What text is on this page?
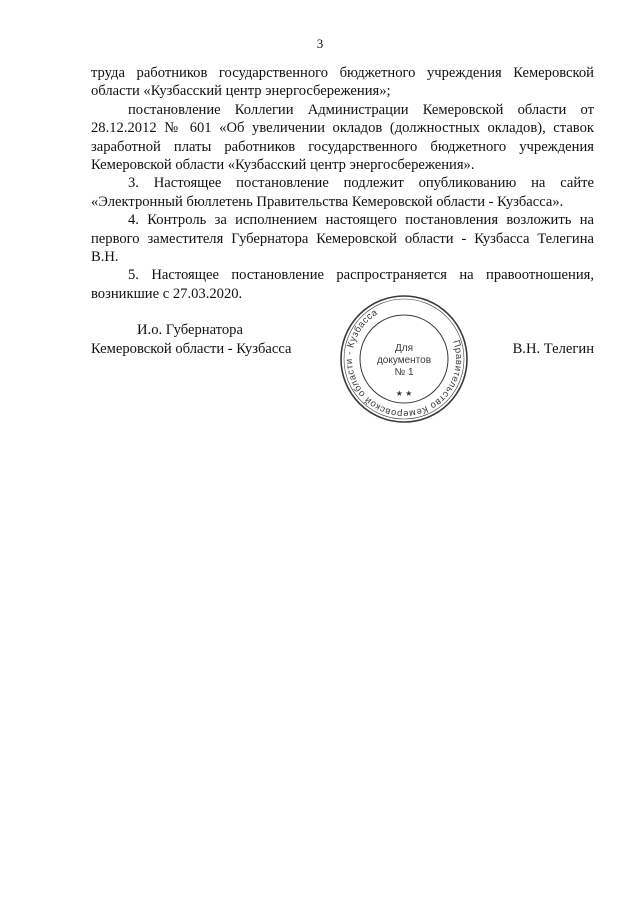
3

труда работников государственного бюджетного учреждения Кемеровской области «Кузбасский центр энергосбережения»;

постановление Коллегии Администрации Кемеровской области от 28.12.2012 № 601 «Об увеличении окладов (должностных окладов), ставок заработной платы работников государственного бюджетного учреждения Кемеровской области «Кузбасский центр энергосбережения».

3. Настоящее постановление подлежит опубликованию на сайте «Электронный бюллетень Правительства Кемеровской области - Кузбасса».

4. Контроль за исполнением настоящего постановления возложить на первого заместителя Губернатора Кемеровской области - Кузбасса Телегина В.Н.

5. Настоящее постановление распространяется на правоотношения, возникшие с 27.03.2020.

И.о. Губернатора
Кемеровской области - Кузбасса	Правительство Кемеровской области - Кузбасса
★ ★
Для
документов
№ 1
В.Н. Телегин
